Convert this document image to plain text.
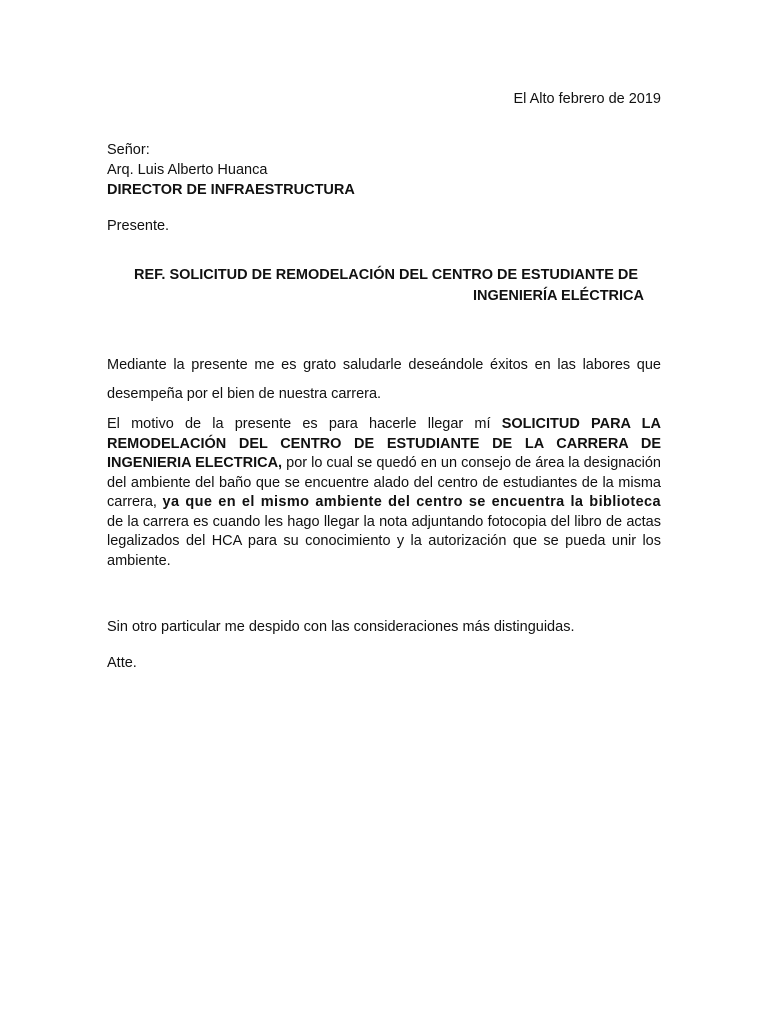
El Alto febrero de 2019
Señor:
Arq. Luis Alberto Huanca
DIRECTOR DE INFRAESTRUCTURA
Presente.
REF. SOLICITUD DE REMODELACIÓN DEL CENTRO DE ESTUDIANTE DE
INGENIERÍA ELÉCTRICA
Mediante la presente me es grato saludarle deseándole éxitos en las labores que desempeña por el bien de nuestra carrera.
El motivo de la presente es para hacerle llegar mí SOLICITUD PARA LA REMODELACIÓN DEL CENTRO DE ESTUDIANTE DE LA CARRERA DE INGENIERIA ELECTRICA, por lo cual se quedó en un consejo de área la designación del ambiente del baño que se encuentre alado del centro de estudiantes de la misma carrera, ya que en el mismo ambiente del centro se encuentra la biblioteca de la carrera es cuando les hago llegar la nota adjuntando fotocopia del libro de actas legalizados del HCA para su conocimiento y la autorización que se pueda unir los ambiente.
Sin otro particular me despido con las consideraciones más distinguidas.
Atte.
